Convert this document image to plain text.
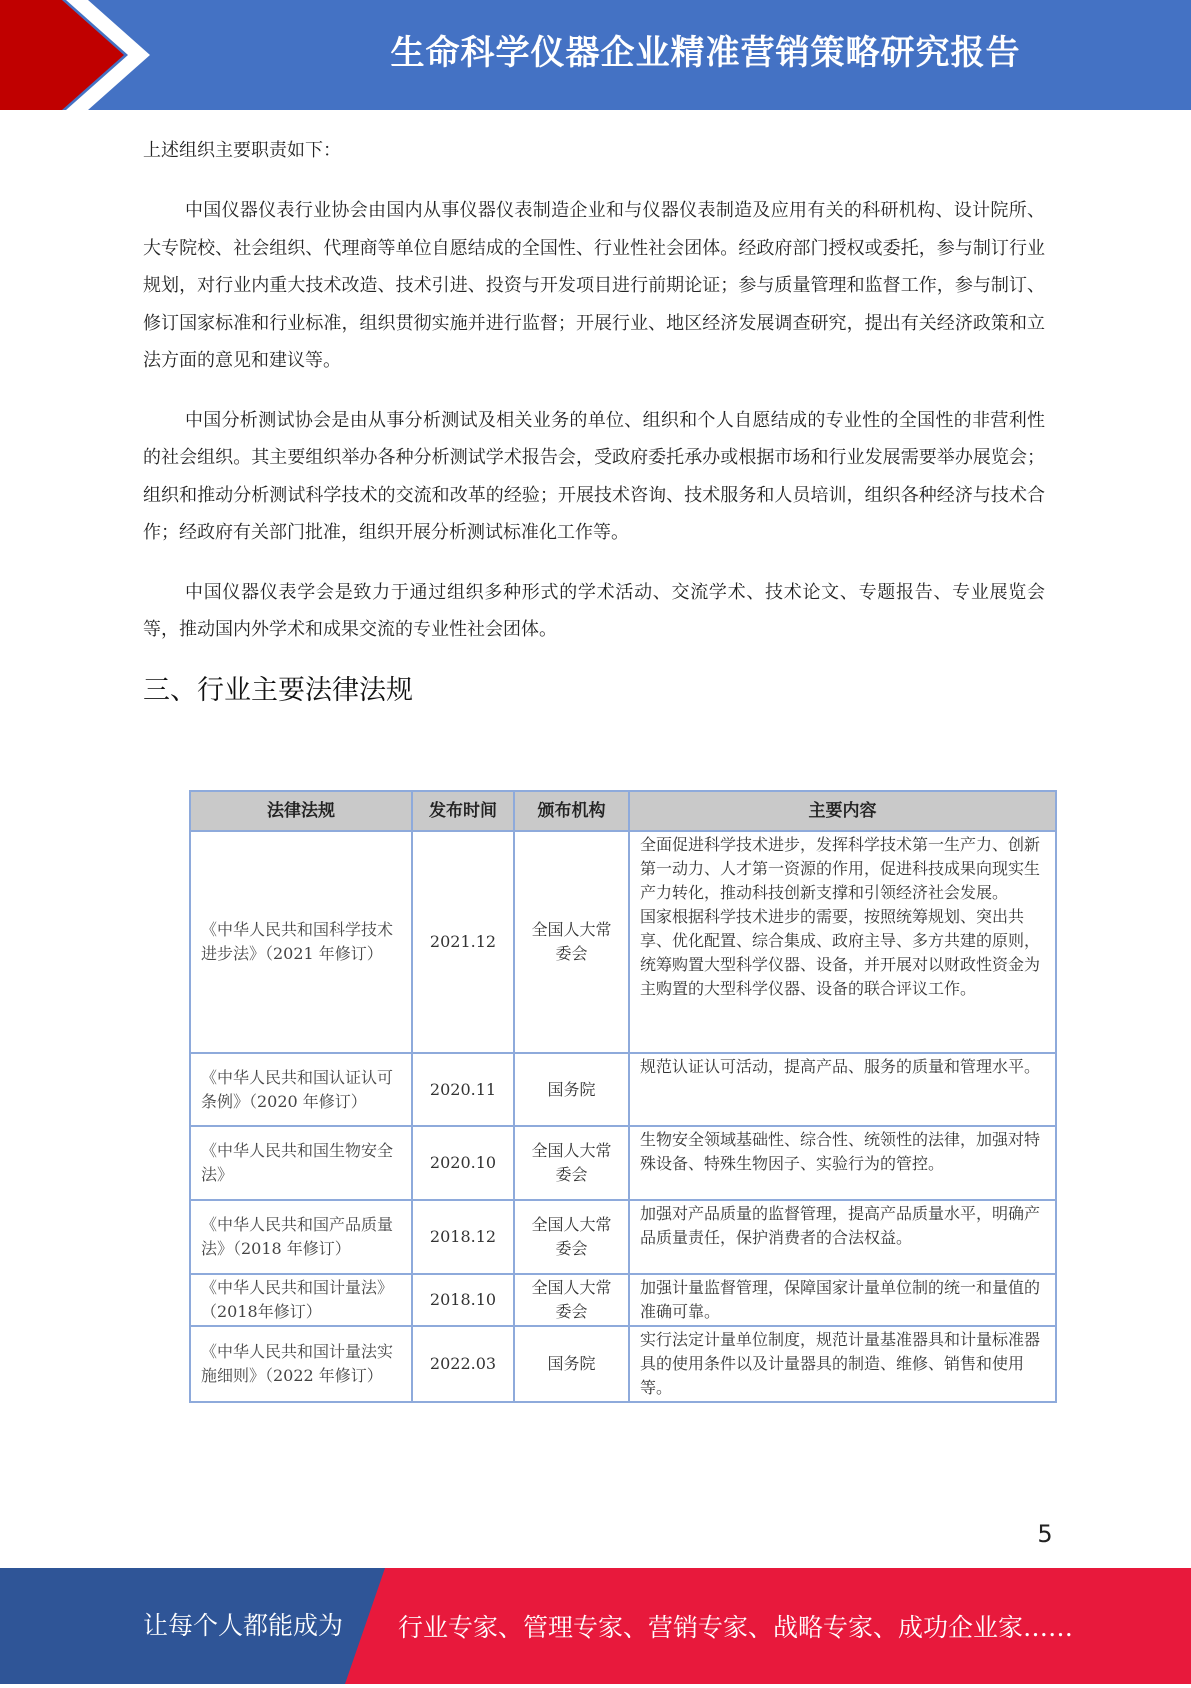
生命科学仪器企业精准营销策略研究报告

上述组织主要职责如下：

中国仪器仪表行业协会由国内从事仪器仪表制造企业和与仪器仪表制造及应用有关的科研机构、设计院所、大专院校、社会组织、代理商等单位自愿结成的全国性、行业性社会团体。经政府部门授权或委托，参与制订行业规划，对行业内重大技术改造、技术引进、投资与开发项目进行前期论证；参与质量管理和监督工作，参与制订、修订国家标准和行业标准，组织贯彻实施并进行监督；开展行业、地区经济发展调查研究，提出有关经济政策和立法方面的意见和建议等。

中国分析测试协会是由从事分析测试及相关业务的单位、组织和个人自愿结成的专业性的全国性的非营利性的社会组织。其主要组织举办各种分析测试学术报告会，受政府委托承办或根据市场和行业发展需要举办展览会；组织和推动分析测试科学技术的交流和改革的经验；开展技术咨询、技术服务和人员培训，组织各种经济与技术合作；经政府有关部门批准，组织开展分析测试标准化工作等。

中国仪器仪表学会是致力于通过组织多种形式的学术活动、交流学术、技术论文、专题报告、专业展览会等，推动国内外学术和成果交流的专业性社会团体。

三、行业主要法律法规
法律法规	发布时间	颁布机构	主要内容
《中华人民共和国科学技术进步法》（2021 年修订）	2021.12	全国人大常委会	全面促进科学技术进步，发挥科学技术第一生产力、创新第一动力、人才第一资源的作用，促进科技成果向现实生产力转化，推动科技创新支撑和引领经济社会发展。
国家根据科学技术进步的需要，按照统筹规划、突出共享、优化配置、综合集成、政府主导、多方共建的原则，统筹购置大型科学仪器、设备，并开展对以财政性资金为主购置的大型科学仪器、设备的联合评议工作。

《中华人民共和国认证认可条例》（2020 年修订）	2020.11	国务院	规范认证认可活动，提高产品、服务的质量和管理水平。

《中华人民共和国生物安全法》	2020.10	全国人大常委会	生物安全领域基础性、综合性、统领性的法律，加强对特殊设备、特殊生物因子、实验行为的管控。

《中华人民共和国产品质量法》（2018 年修订）	2018.12	全国人大常委会	加强对产品质量的监督管理，提高产品质量水平，明确产品质量责任，保护消费者的合法权益。

《中华人民共和国计量法》（2018年修订）	2018.10	全国人大常委会	加强计量监督管理，保障国家计量单位制的统一和量值的准确可靠。

《中华人民共和国计量法实施细则》（2022 年修订）	2022.03	国务院	实行法定计量单位制度，规范计量基准器具和计量标准器具的使用条件以及计量器具的制造、维修、销售和使用等。
5
让每个人都能成为 行业专家、管理专家、营销专家、战略专家、成功企业家……
